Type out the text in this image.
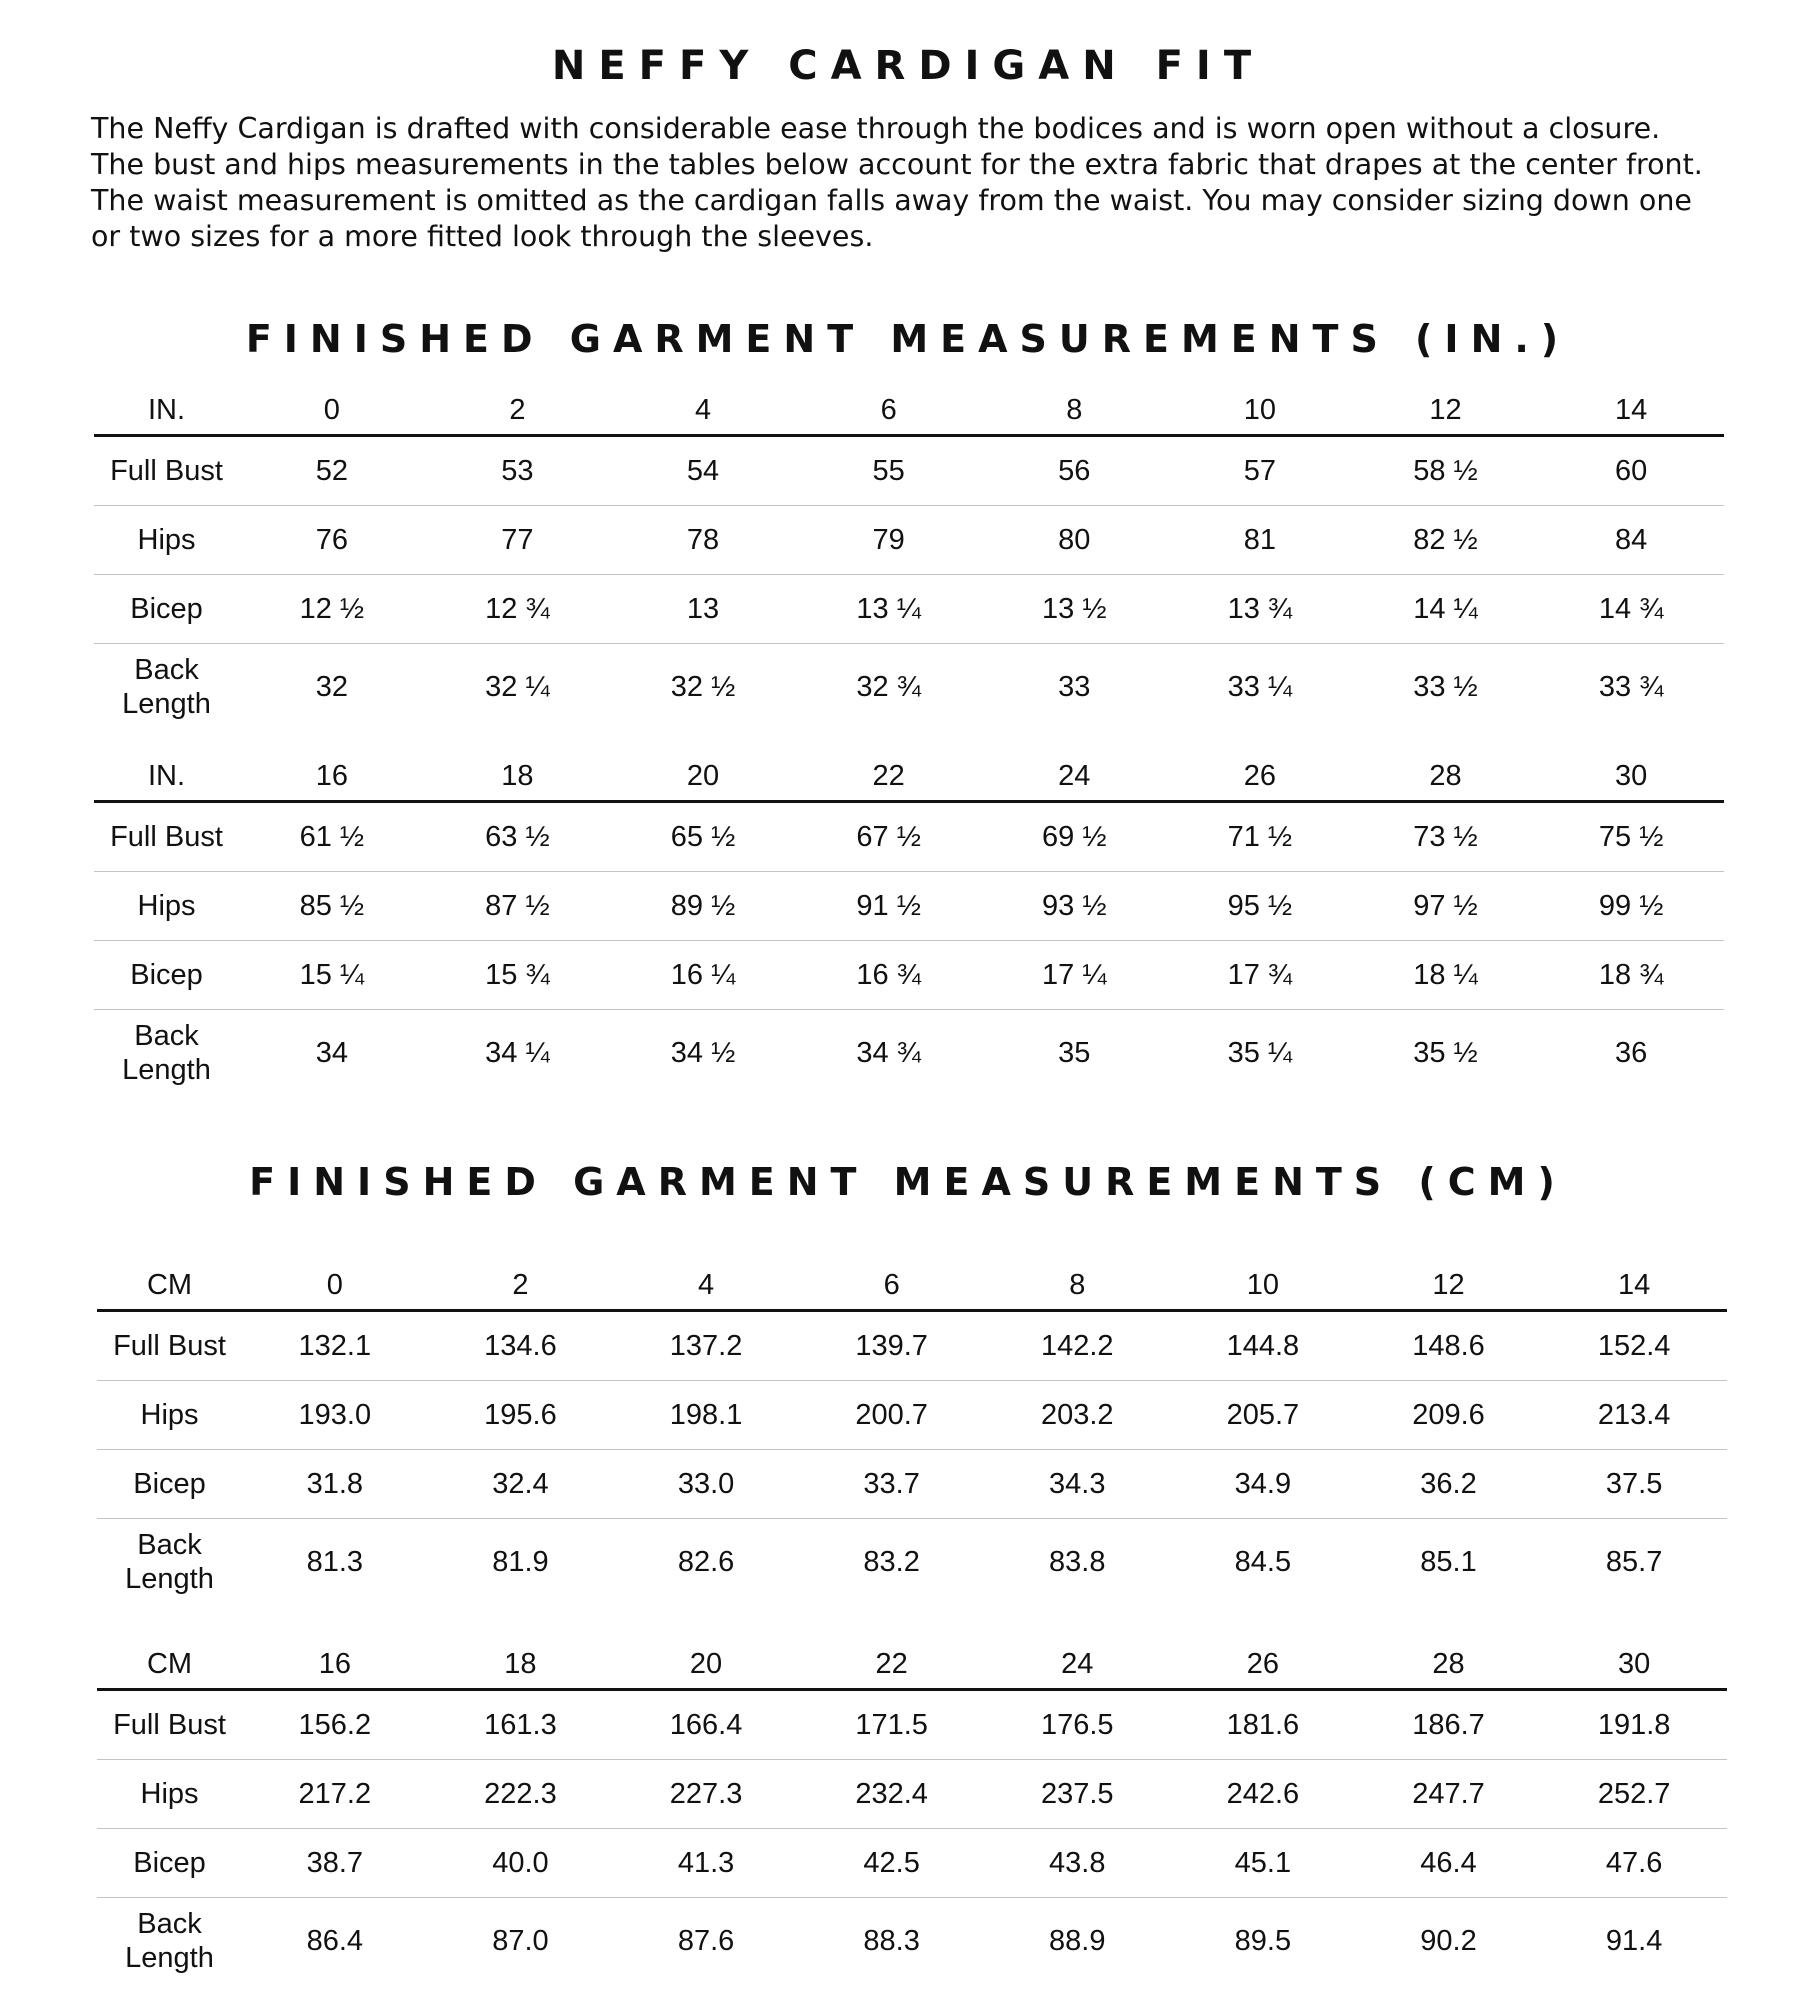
NEFFY CARDIGAN FIT

The Neffy Cardigan is drafted with considerable ease through the bodices and is worn open without a closure.
The bust and hips measurements in the tables below account for the extra fabric that drapes at the center front.
The waist measurement is omitted as the cardigan falls away from the waist. You may consider sizing down one
or two sizes for a more fitted look through the sleeves.

FINISHED GARMENT MEASUREMENTS (IN.)
IN.	0	2	4	6	8	10	12	14
Full Bust	52	53	54	55	56	57	58 ½	60
Hips	76	77	78	79	80	81	82 ½	84
Bicep	12 ½	12 ¾	13	13 ¼	13 ½	13 ¾	14 ¼	14 ¾
Back Length	32	32 ¼	32 ½	32 ¾	33	33 ¼	33 ½	33 ¾
IN.	16	18	20	22	24	26	28	30
Full Bust	61 ½	63 ½	65 ½	67 ½	69 ½	71 ½	73 ½	75 ½
Hips	85 ½	87 ½	89 ½	91 ½	93 ½	95 ½	97 ½	99 ½
Bicep	15 ¼	15 ¾	16 ¼	16 ¾	17 ¼	17 ¾	18 ¼	18 ¾
Back Length	34	34 ¼	34 ½	34 ¾	35	35 ¼	35 ½	36
FINISHED GARMENT MEASUREMENTS (CM)
CM	0	2	4	6	8	10	12	14
Full Bust	132.1	134.6	137.2	139.7	142.2	144.8	148.6	152.4
Hips	193.0	195.6	198.1	200.7	203.2	205.7	209.6	213.4
Bicep	31.8	32.4	33.0	33.7	34.3	34.9	36.2	37.5
Back Length	81.3	81.9	82.6	83.2	83.8	84.5	85.1	85.7
CM	16	18	20	22	24	26	28	30
Full Bust	156.2	161.3	166.4	171.5	176.5	181.6	186.7	191.8
Hips	217.2	222.3	227.3	232.4	237.5	242.6	247.7	252.7
Bicep	38.7	40.0	41.3	42.5	43.8	45.1	46.4	47.6
Back Length	86.4	87.0	87.6	88.3	88.9	89.5	90.2	91.4
